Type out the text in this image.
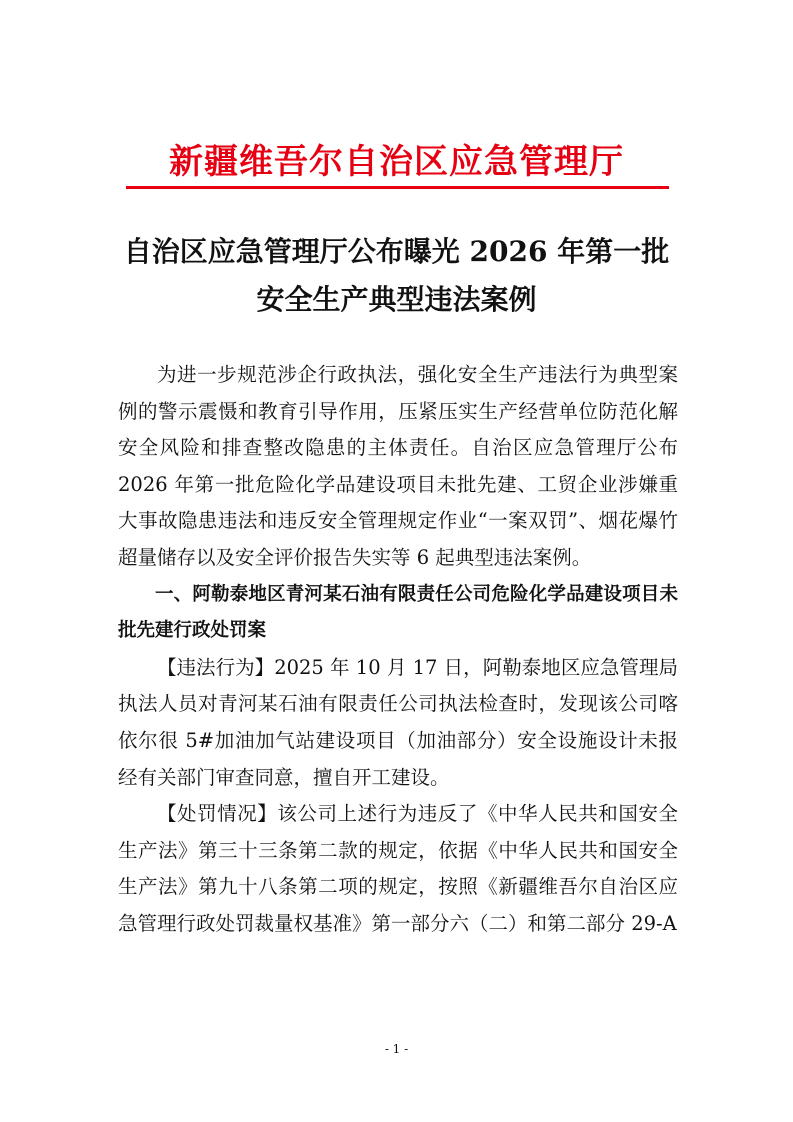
新疆维吾尔自治区应急管理厅
自治区应急管理厅公布曝光 2026 年第一批
安全生产典型违法案例

为进一步规范涉企行政执法，强化安全生产违法行为典型案例的警示震慑和教育引导作用，压紧压实生产经营单位防范化解安全风险和排查整改隐患的主体责任。自治区应急管理厅公布 2026 年第一批危险化学品建设项目未批先建、工贸企业涉嫌重大事故隐患违法和违反安全管理规定作业“一案双罚”、烟花爆竹超量储存以及安全评价报告失实等 6 起典型违法案例。

一、阿勒泰地区青河某石油有限责任公司危险化学品建设项目未批先建行政处罚案

【违法行为】2025 年 10 月 17 日，阿勒泰地区应急管理局执法人员对青河某石油有限责任公司执法检查时，发现该公司喀依尔很 5#加油加气站建设项目（加油部分）安全设施设计未报经有关部门审查同意，擅自开工建设。

【处罚情况】该公司上述行为违反了《中华人民共和国安全生产法》第三十三条第二款的规定，依据《中华人民共和国安全生产法》第九十八条第二项的规定，按照《新疆维吾尔自治区应急管理行政处罚裁量权基准》第一部分六（二）和第二部分 29-A

- 1 -
